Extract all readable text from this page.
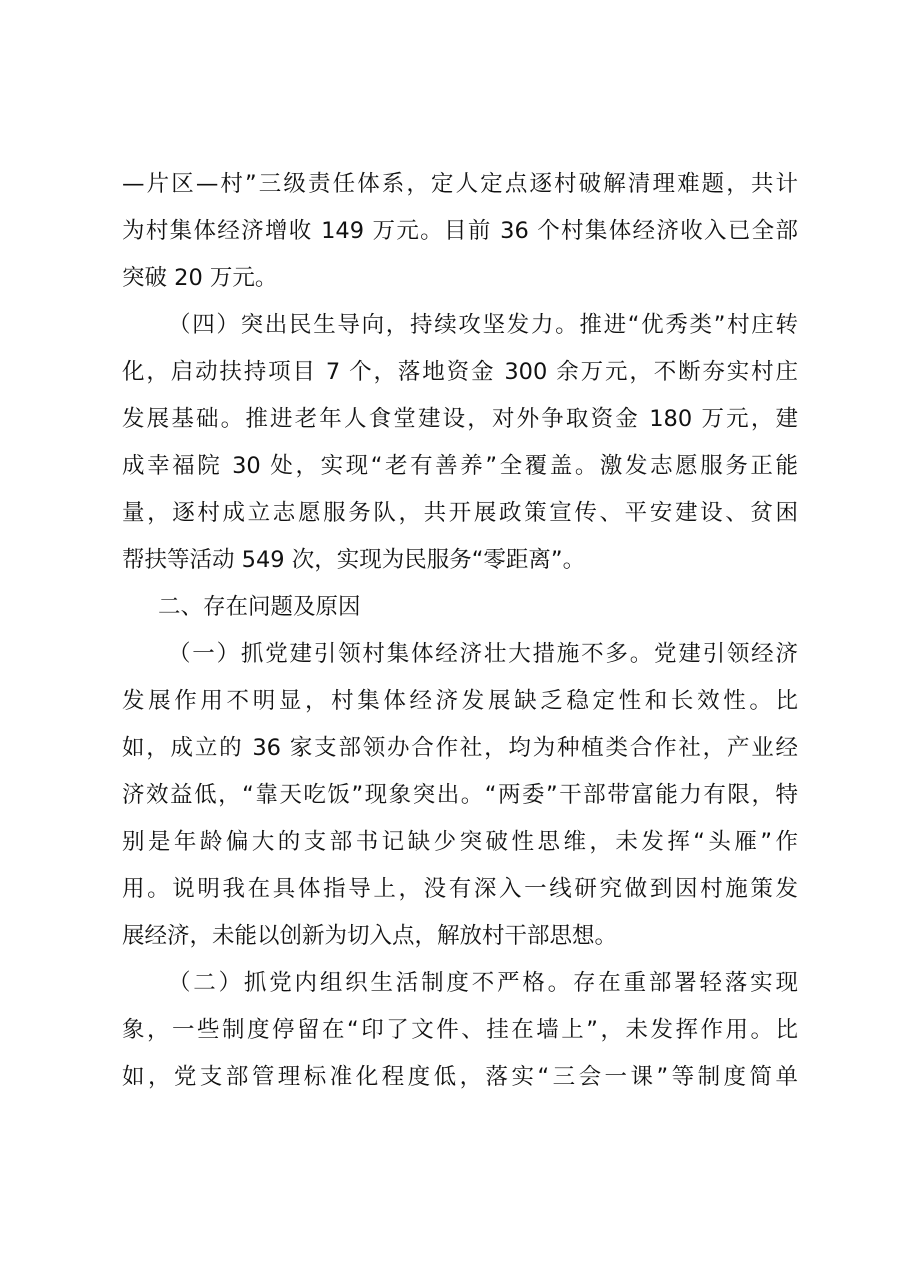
—片区—村”三级责任体系，定人定点逐村破解清理难题，共计
为村集体经济增收 149 万元。目前 36 个村集体经济收入已全部
突破 20 万元。
（四）突出民生导向，持续攻坚发力。推进“优秀类”村庄转
化，启动扶持项目 7 个，落地资金 300 余万元，不断夯实村庄
发展基础。推进老年人食堂建设，对外争取资金 180 万元，建
成幸福院 30 处，实现“老有善养”全覆盖。激发志愿服务正能
量，逐村成立志愿服务队，共开展政策宣传、平安建设、贫困
帮扶等活动 549 次，实现为民服务“零距离”。
二、存在问题及原因
（一）抓党建引领村集体经济壮大措施不多。党建引领经济
发展作用不明显，村集体经济发展缺乏稳定性和长效性。比
如，成立的 36 家支部领办合作社，均为种植类合作社，产业经
济效益低，“靠天吃饭”现象突出。“两委”干部带富能力有限，特
别是年龄偏大的支部书记缺少突破性思维，未发挥“头雁”作
用。说明我在具体指导上，没有深入一线研究做到因村施策发
展经济，未能以创新为切入点，解放村干部思想。
（二）抓党内组织生活制度不严格。存在重部署轻落实现
象，一些制度停留在“印了文件、挂在墙上”，未发挥作用。比
如，党支部管理标准化程度低，落实“三会一课”等制度简单
